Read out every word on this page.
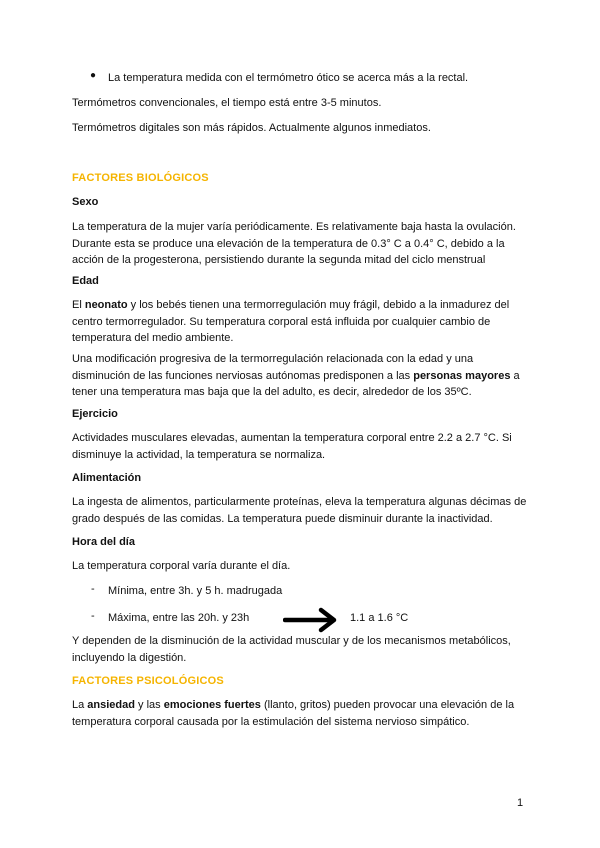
● La temperatura medida con el termómetro ótico se acerca más a la rectal.

Termómetros convencionales, el tiempo está entre 3-5 minutos.

Termómetros digitales son más rápidos. Actualmente algunos inmediatos.

FACTORES BIOLÓGICOS

Sexo

La temperatura de la mujer varía periódicamente. Es relativamente baja hasta la ovulación. Durante esta se produce una elevación de la temperatura de 0.3° C a 0.4° C, debido a la acción de la progesterona, persistiendo durante la segunda mitad del ciclo menstrual

Edad

El neonato y los bebés tienen una termorregulación muy frágil, debido a la inmadurez del centro termorregulador. Su temperatura corporal está influida por cualquier cambio de temperatura del medio ambiente.

Una modificación progresiva de la termorregulación relacionada con la edad y una disminución de las funciones nerviosas autónomas predisponen a las personas mayores a tener una temperatura mas baja que la del adulto, es decir, alrededor de los 35ºC.

Ejercicio

Actividades musculares elevadas, aumentan la temperatura corporal entre 2.2 a 2.7 °C. Si disminuye la actividad, la temperatura se normaliza.

Alimentación

La ingesta de alimentos, particularmente proteínas, eleva la temperatura algunas décimas de grado después de las comidas. La temperatura puede disminuir durante la inactividad.

Hora del día

La temperatura corporal varía durante el día.

- Mínima, entre 3h. y 5 h. madrugada

- Máxima, entre las 20h. y 23h	1.1 a 1.6 °C

Y dependen de la disminución de la actividad muscular y de los mecanismos metabólicos, incluyendo la digestión.

FACTORES PSICOLÓGICOS

La ansiedad y las emociones fuertes (llanto, gritos) pueden provocar una elevación de la temperatura corporal causada por la estimulación del sistema nervioso simpático.

1
